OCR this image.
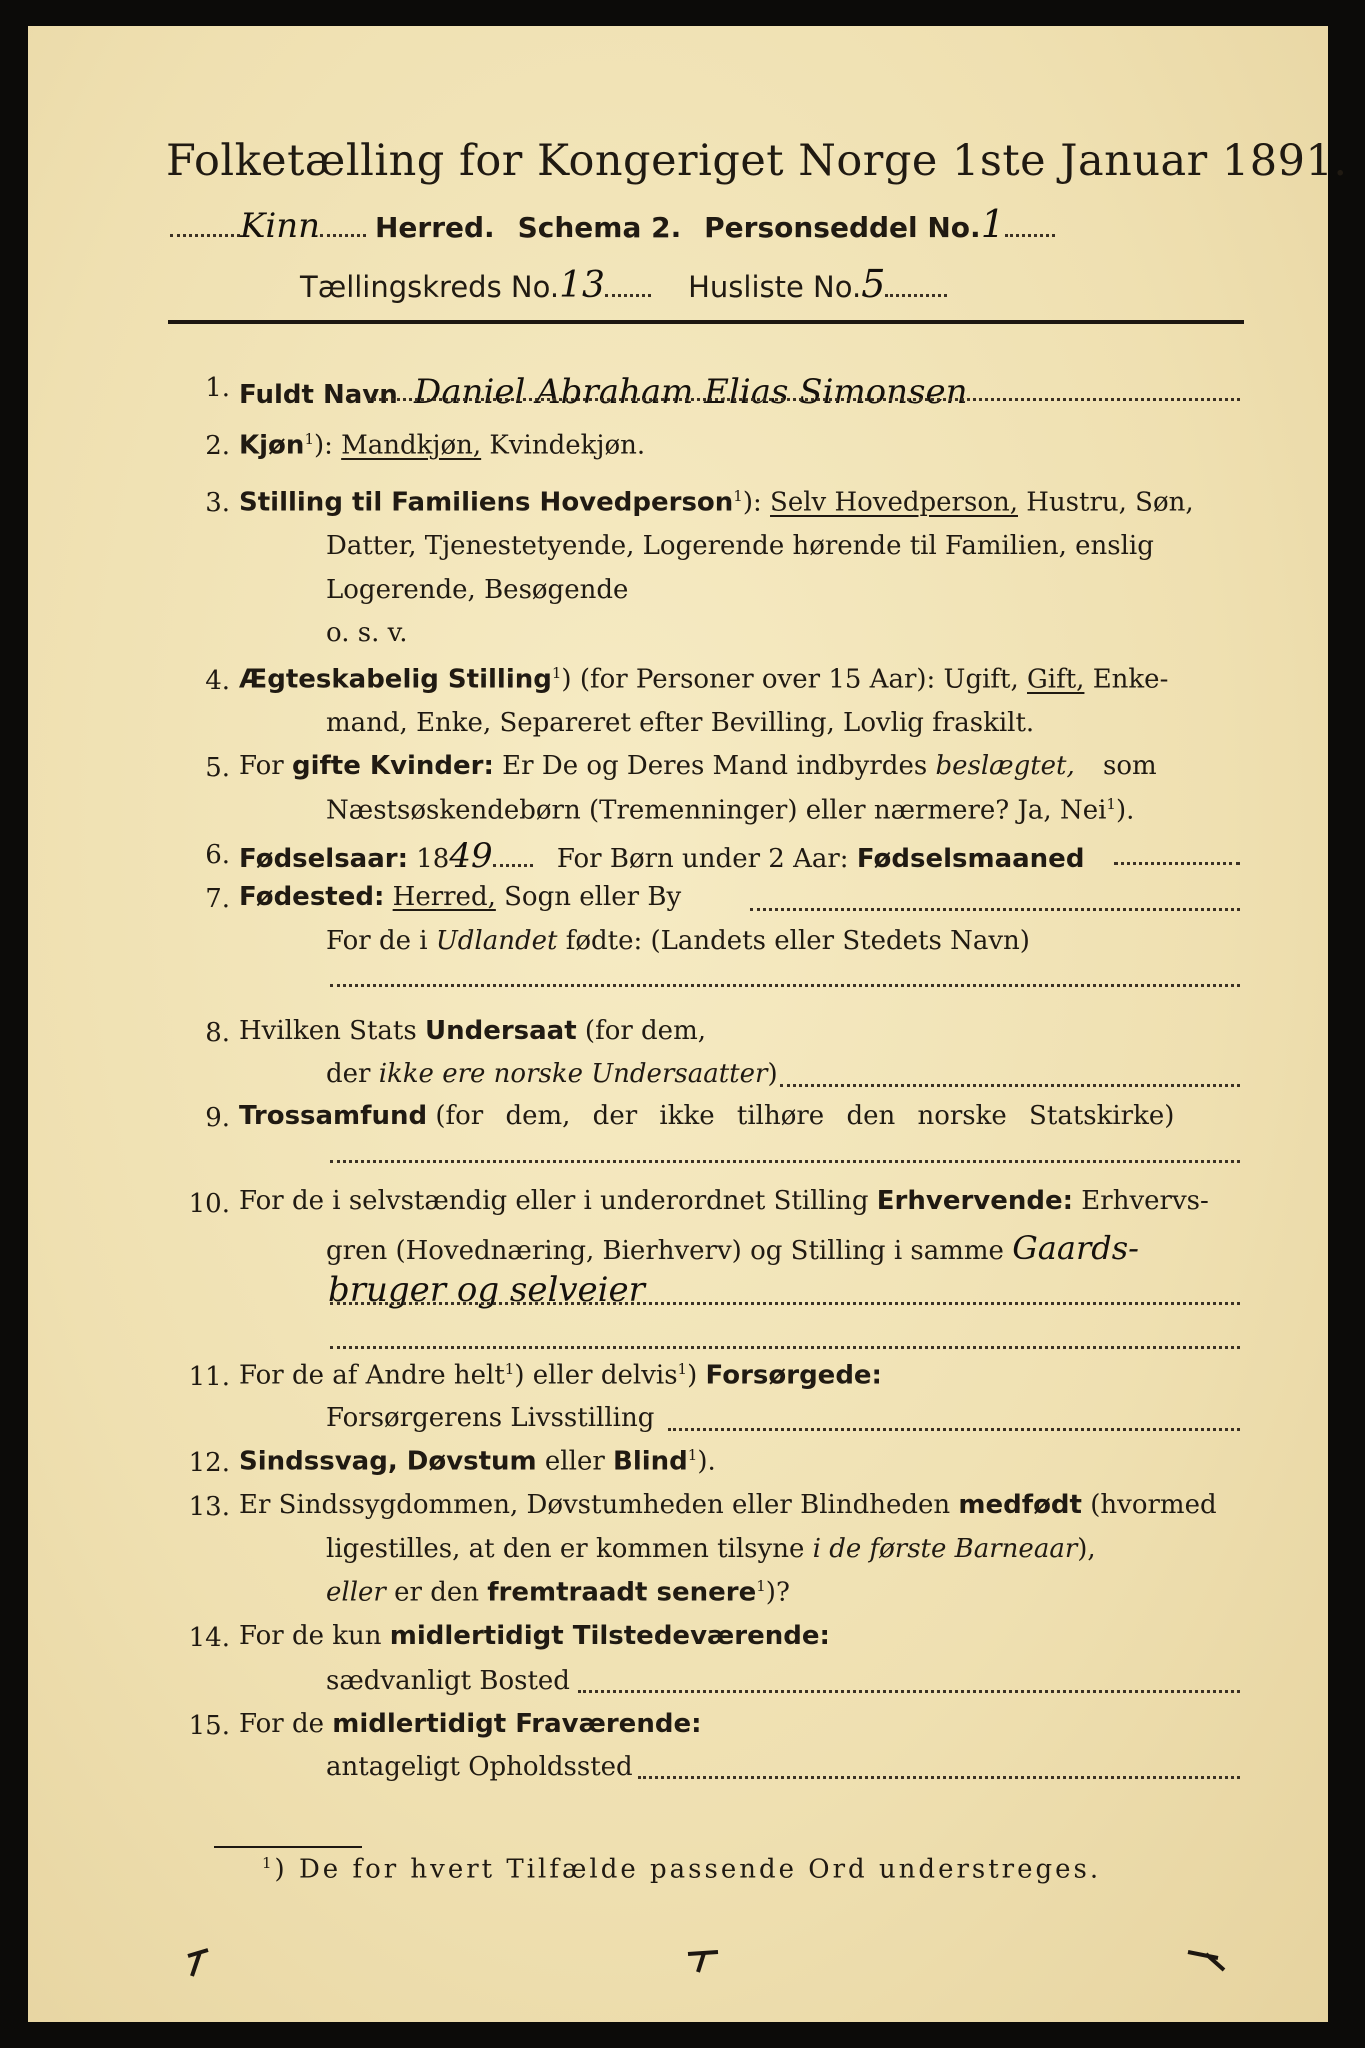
Folketælling for Kongeriget Norge 1ste Januar 1891.
Kinn Herred. Schema 2. Personseddel No.1
Tællingskreds No.13	Husliste No.5
1. Fuldt Navn Daniel Abraham Elias Simonsen
2. Kjøn$^1$): Mandkjøn, Kvindekjøn.
3. Stilling til Familiens Hovedperson$^1$): Selv Hovedperson, Hustru, Søn,
Datter, Tjenestetyende, Logerende hørende til Familien, enslig
Logerende, Besøgende
o. s. v.
4. Ægteskabelig Stilling$^1$) (for Personer over 15 Aar): Ugift, Gift, Enke-
mand, Enke, Separeret efter Bevilling, Lovlig fraskilt.
5. For gifte Kvinder: Er De og Deres Mand indbyrdes beslægtet, som
Næstsøskendebørn (Tremenninger) eller nærmere? Ja, Nei$^1$).
6. Fødselsaar: 1849 For Børn under 2 Aar: Fødselsmaaned
7. Fødested: Herred, Sogn eller By
For de i Udlandet fødte: (Landets eller Stedets Navn)
8. Hvilken Stats Undersaat (for dem,
der ikke ere norske Undersaatter)
9. Trossamfund (for dem, der ikke tilhøre den norske Statskirke)
10. For de i selvstændig eller i underordnet Stilling Erhvervende: Erhvervs-
gren (Hovednæring, Bierhverv) og Stilling i samme Gaards-
bruger og selveier
11. For de af Andre helt$^1$) eller delvis$^1$) Forsørgede:
Forsørgerens Livsstilling
12. Sindssvag, Døvstum eller Blind$^1$).
13. Er Sindssygdommen, Døvstumheden eller Blindheden medfødt (hvormed
ligestilles, at den er kommen tilsyne i de første Barneaar),
eller er den fremtraadt senere$^1$)?
14. For de kun midlertidigt Tilstedeværende:
sædvanligt Bosted
15. For de midlertidigt Fraværende:
antageligt Opholdssted
$^1$) De for hvert Tilfælde passende Ord understreges.
